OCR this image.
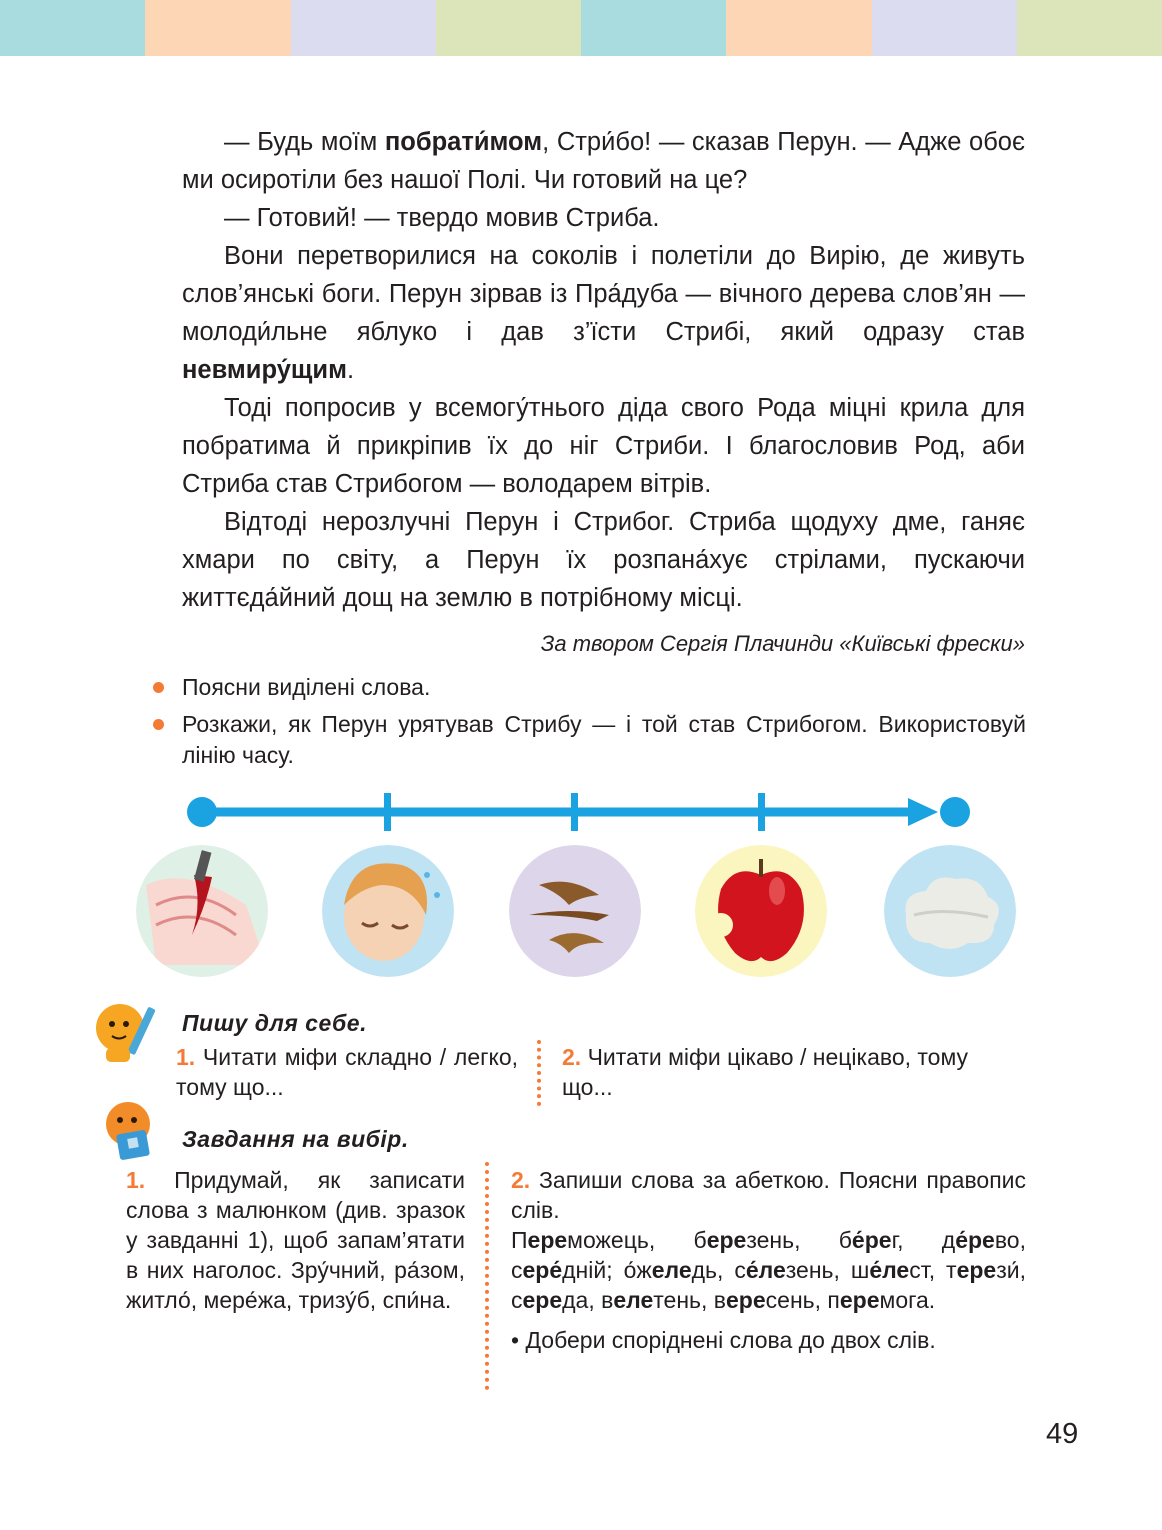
— Будь моїм побрати́мом, Стри́бо! — сказав Перун. — Адже обоє ми осиротіли без нашої Полі. Чи готовий на це?

— Готовий! — твердо мовив Стриба.

Вони перетворилися на соколів і полетіли до Вирію, де живуть слов’янські боги. Перун зірвав із Пра́дуба — вічного дерева слов’ян — молоди́льне яблуко і дав з’їсти Стрибі, який одразу став невмиру́щим.

Тоді попросив у всемогу́тнього діда свого Рода міцні крила для побратима й прикріпив їх до ніг Стриби. І благословив Род, аби Стриба став Стрибогом — володарем вітрів.

Відтоді нерозлучні Перун і Стрибог. Стриба щодуху дме, ганяє хмари по світу, а Перун їх розпана́хує стрілами, пускаючи життєда́йний дощ на землю в потрібному місці.

За твором Сергія Плачинди «Київські фрески»
Поясни виділені слова.
Розкажи, як Перун урятував Стрибу — і той став Стрибогом. Використовуй лінію часу.
Пишу для себе.
1. Читати міфи складно / легко, тому що...
2. Читати міфи цікаво / нецікаво, тому що...
Завдання на вибір.
1. Придумай, як записати слова з малюнком (див. зразок у завданні 1), щоб запам’ятати в них наголос. Зру́чний, ра́зом, житло́, мере́жа, тризу́б, спи́на.
2. Запиши слова за абеткою. Поясни правопис слів.
Переможець, березень, бе́рег, де́рево, сере́дній; о́желедь, се́лезень, ше́лест, терези́, середа, велетень, вересень, перемога.
• Добери споріднені слова до двох слів.
49
